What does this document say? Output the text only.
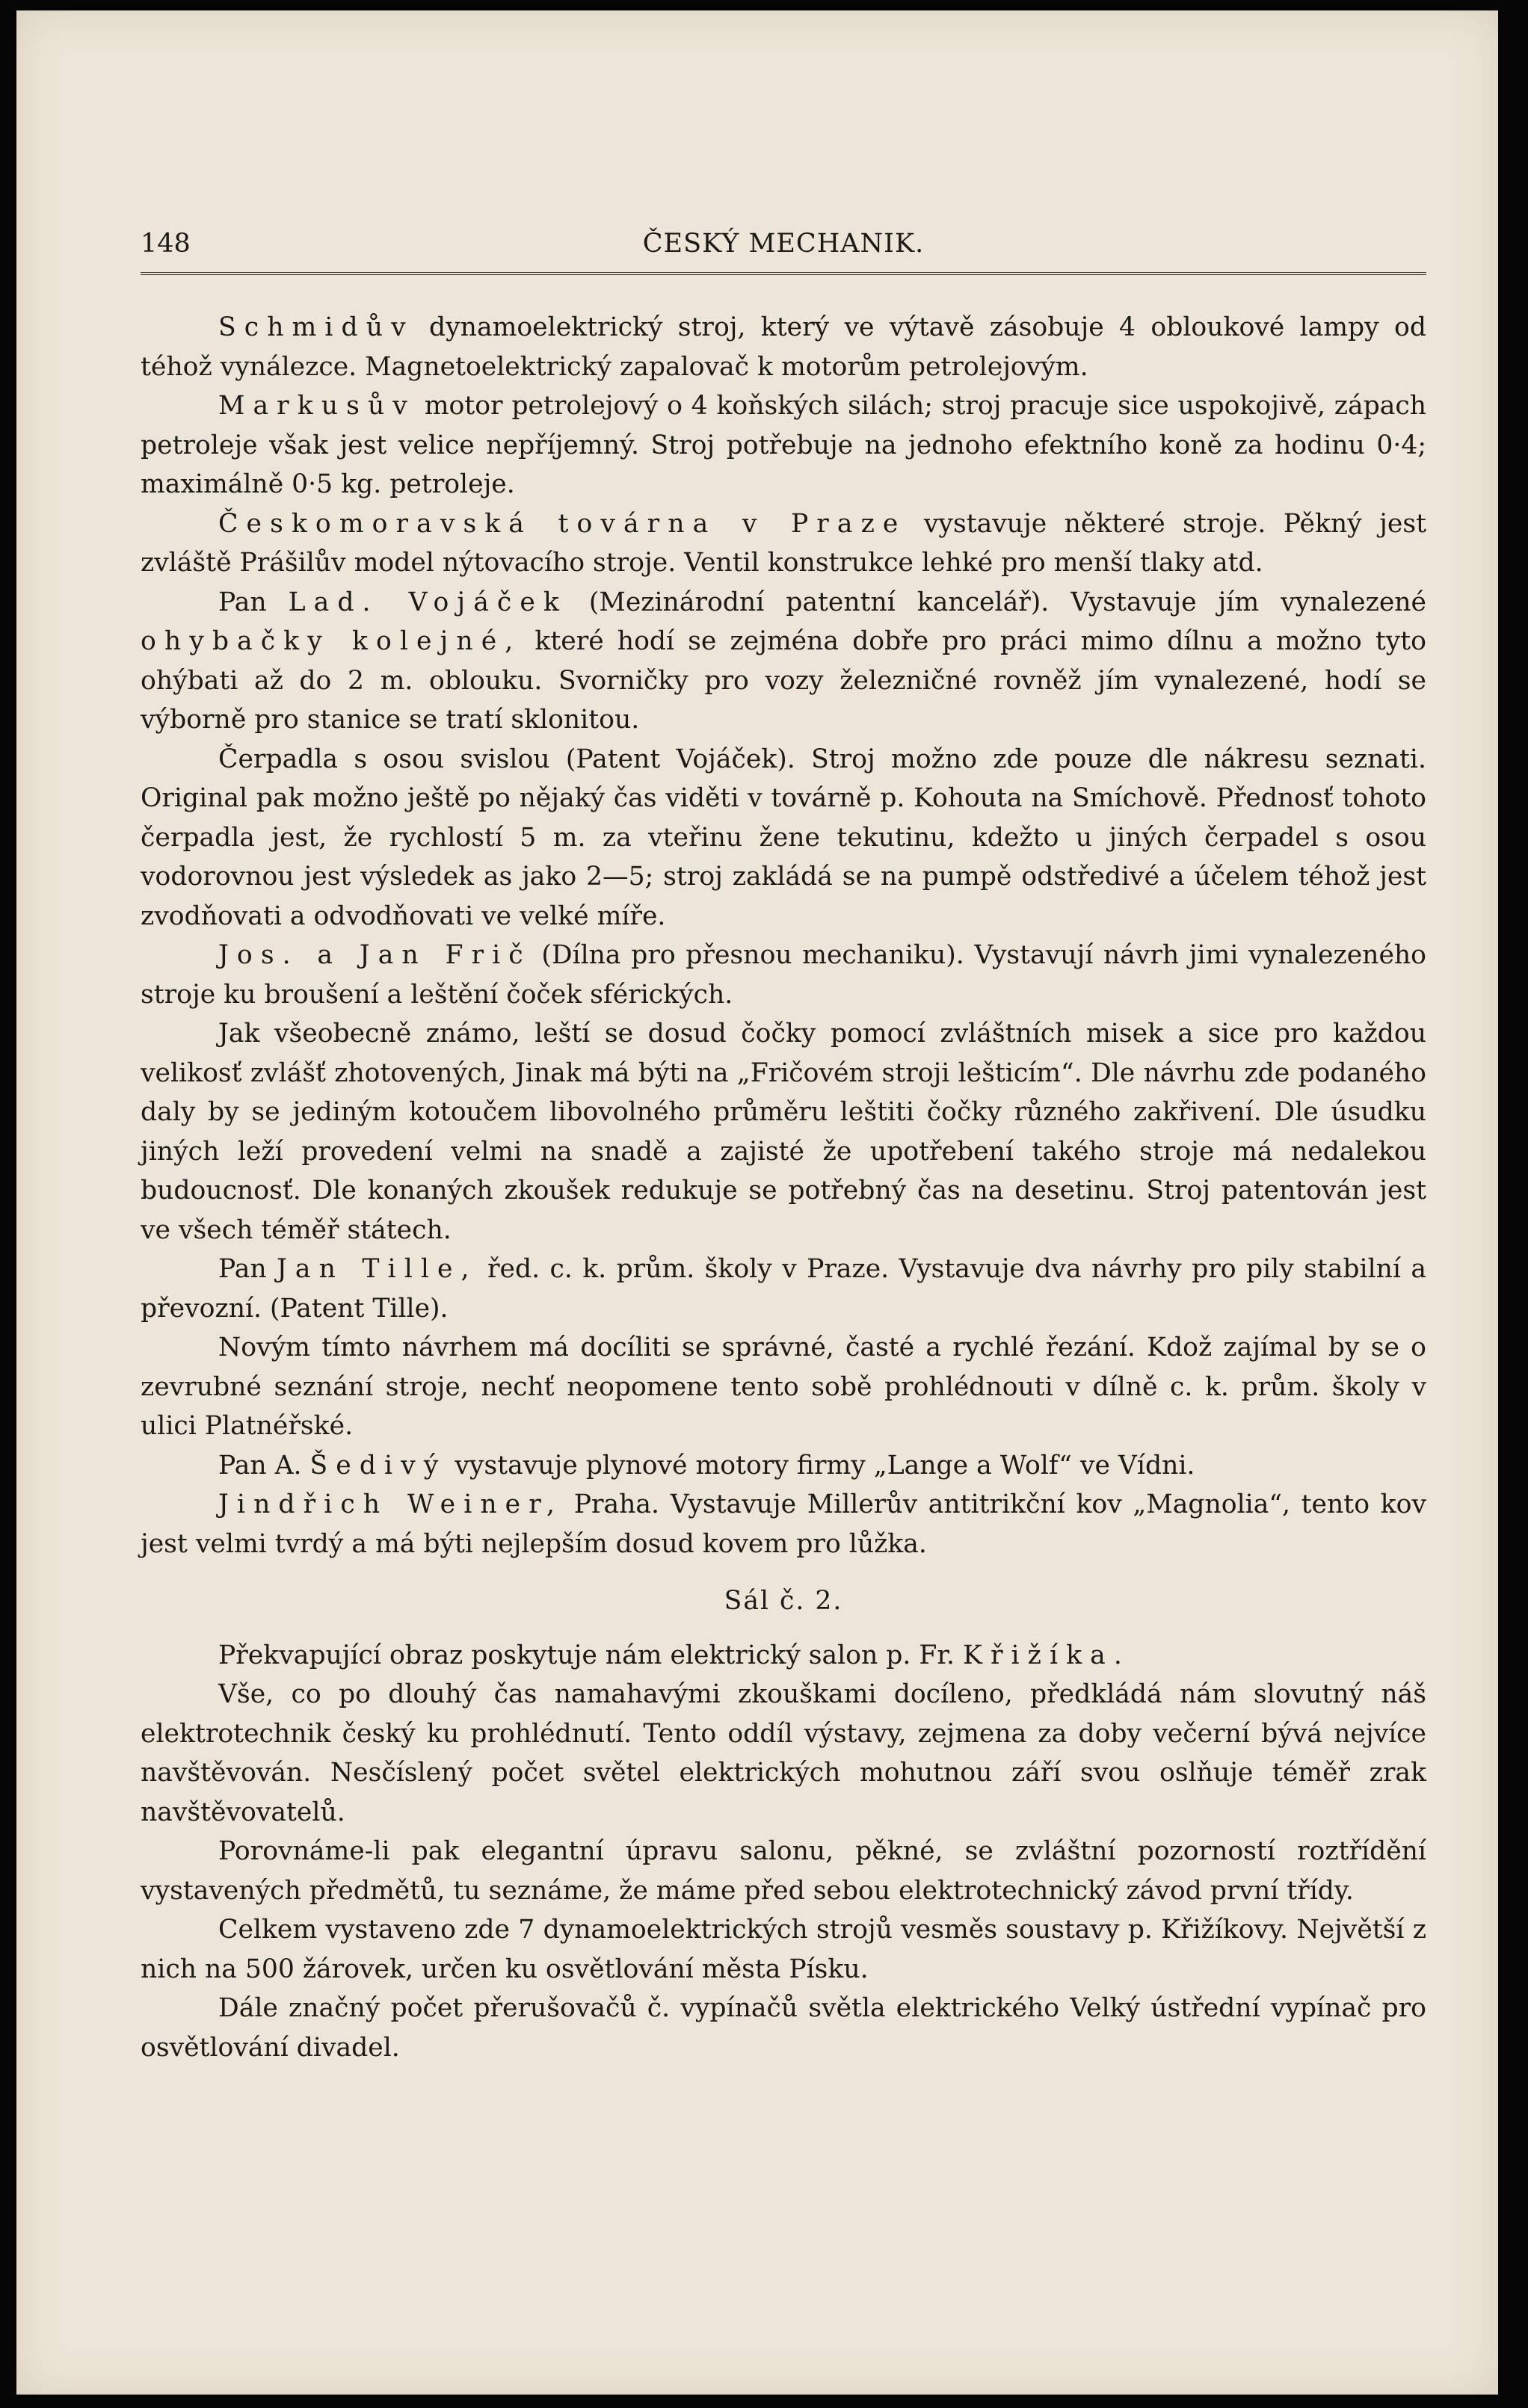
148	ČESKÝ MECHANIK.

Schmidův dynamoelektrický stroj, který ve výtavě zásobuje 4 obloukové lampy od téhož vynálezce. Magnetoelektrický zapalovač k motorům petrolejovým.

Markusův motor petrolejový o 4 koňských silách; stroj pracuje sice uspokojivě, zápach petroleje však jest velice nepříjemný. Stroj potřebuje na jednoho efektního koně za hodinu 0·4; maximálně 0·5 kg. petroleje.

Českomoravská továrna v Praze vystavuje některé stroje. Pěkný jest zvláště Prášilův model nýtovacího stroje. Ventil konstrukce lehké pro menší tlaky atd.

Pan Lad. Vojáček (Mezinárodní patentní kancelář). Vystavuje jím vynalezené ohybačky kolejné, které hodí se zejména dobře pro práci mimo dílnu a možno tyto ohýbati až do 2 m. oblouku. Svorničky pro vozy železničné rovněž jím vynalezené, hodí se výborně pro stanice se tratí sklonitou.

Čerpadla s osou svislou (Patent Vojáček). Stroj možno zde pouze dle nákresu seznati. Original pak možno ještě po nějaký čas viděti v továrně p. Kohouta na Smíchově. Přednosť tohoto čerpadla jest, že rychlostí 5 m. za vteřinu žene tekutinu, kdežto u jiných čerpadel s osou vodorovnou jest výsledek as jako 2—5; stroj zakládá se na pumpě odstředivé a účelem téhož jest zvodňovati a odvodňovati ve velké míře.

Jos. a Jan Frič (Dílna pro přesnou mechaniku). Vystavují návrh jimi vynalezeného stroje ku broušení a leštění čoček sférických.

Jak všeobecně známo, leští se dosud čočky pomocí zvláštních misek a sice pro každou velikosť zvlášť zhotovených, Jinak má býti na „Fričovém stroji lešticím“. Dle návrhu zde podaného daly by se jediným kotoučem libovolného průměru leštiti čočky různého zakřivení. Dle úsudku jiných leží provedení velmi na snadě a zajisté že upotřebení takého stroje má nedalekou budoucnosť. Dle konaných zkoušek redukuje se potřebný čas na desetinu. Stroj patentován jest ve všech téměř státech.

Pan Jan Tille, řed. c. k. prům. školy v Praze. Vystavuje dva návrhy pro pily stabilní a převozní. (Patent Tille).

Novým tímto návrhem má docíliti se správné, časté a rychlé řezání. Kdož zajímal by se o zevrubné seznání stroje, nechť neopomene tento sobě prohlédnouti v dílně c. k. prům. školy v ulici Platnéřské.

Pan A. Šedivý vystavuje plynové motory firmy „Lange a Wolf“ ve Vídni.

Jindřich Weiner, Praha. Vystavuje Millerův antitrikční kov „Magnolia“, tento kov jest velmi tvrdý a má býti nejlepším dosud kovem pro lůžka.

Sál č. 2.

Překvapující obraz poskytuje nám elektrický salon p. Fr. Křižíka.

Vše, co po dlouhý čas namahavými zkouškami docíleno, předkládá nám slovutný náš elektrotechnik český ku prohlédnutí. Tento oddíl výstavy, zejmena za doby večerní bývá nejvíce navštěvován. Nesčíslený počet světel elektrických mohutnou září svou oslňuje téměř zrak navštěvovatelů.

Porovnáme-li pak elegantní úpravu salonu, pěkné, se zvláštní pozorností roztřídění vystavených předmětů, tu seznáme, že máme před sebou elektrotechnický závod první třídy.

Celkem vystaveno zde 7 dynamoelektrických strojů vesměs soustavy p. Křižíkovy. Největší z nich na 500 žárovek, určen ku osvětlování města Písku.

Dále značný počet přerušovačů č. vypínačů světla elektrického Velký ústřední vypínač pro osvětlování divadel.
